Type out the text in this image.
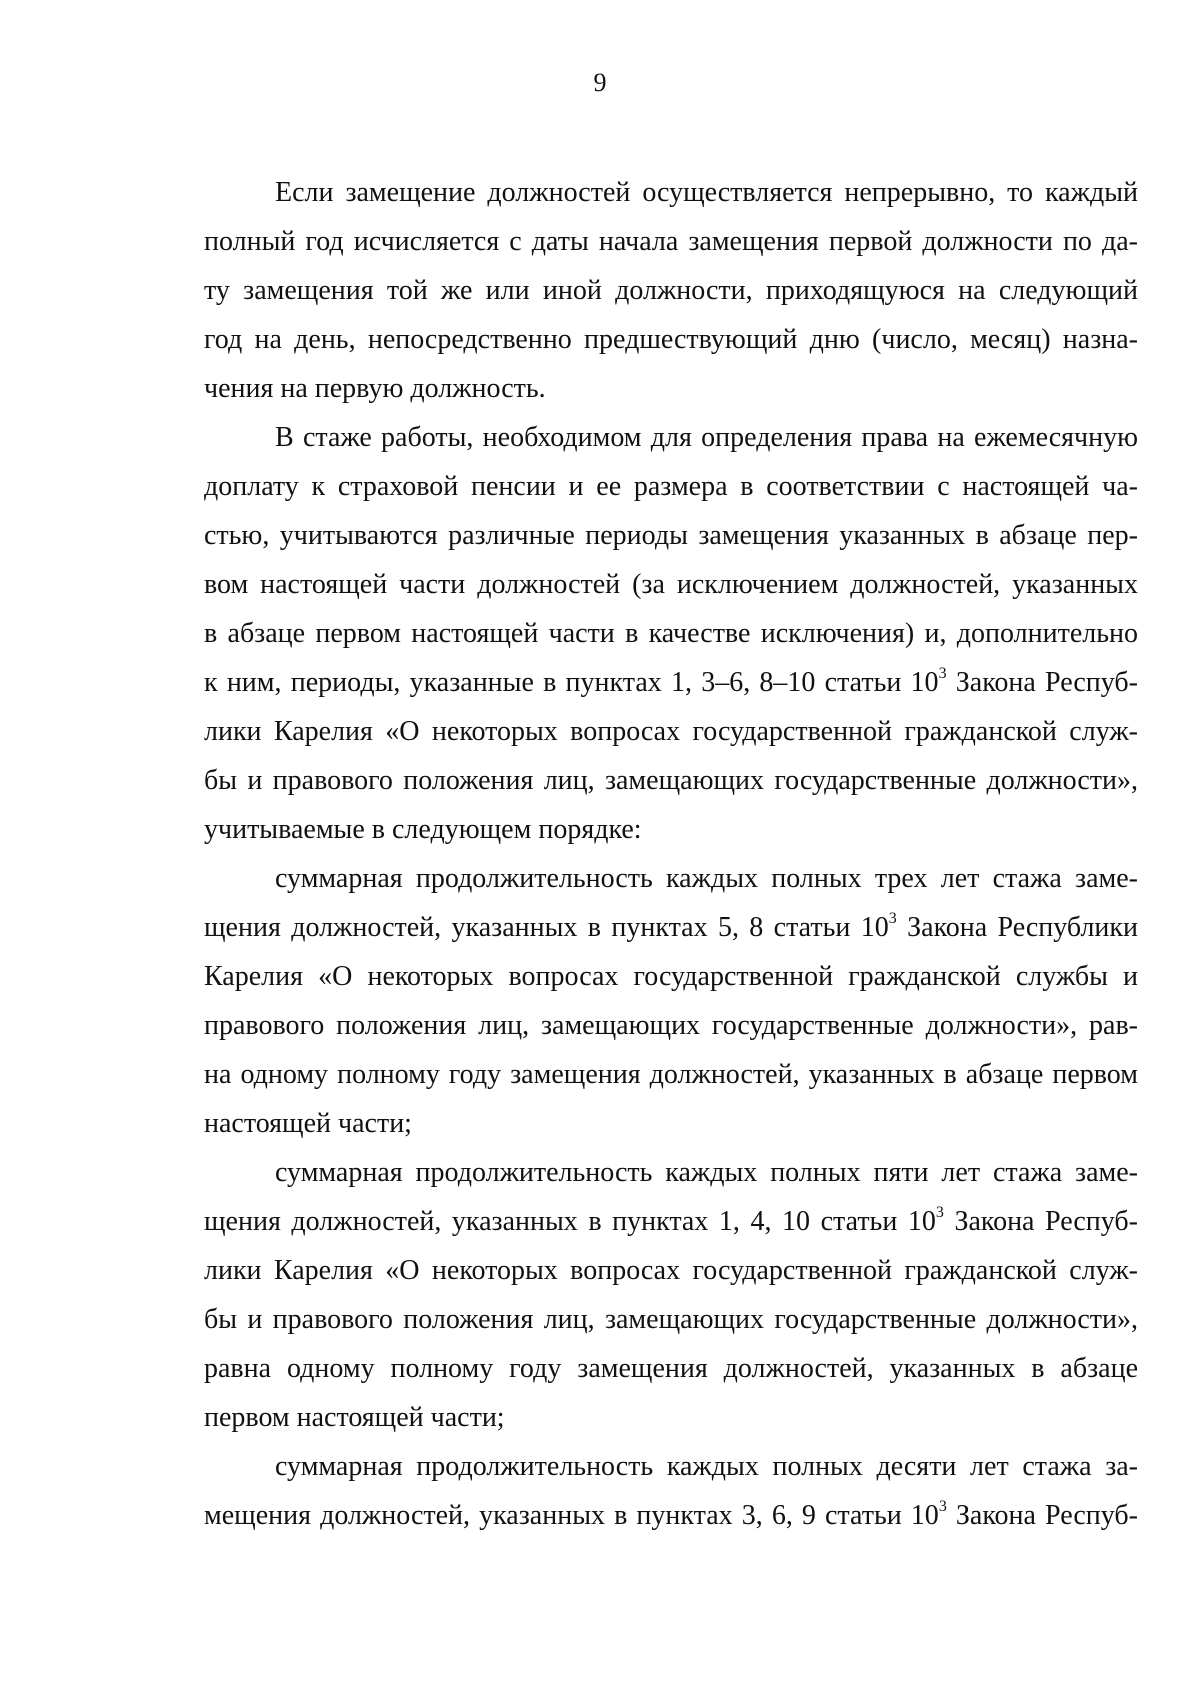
9
Если замещение должностей осуществляется непрерывно, то каждый
полный год исчисляется с даты начала замещения первой должности по да-
ту замещения той же или иной должности, приходящуюся на следующий
год на день, непосредственно предшествующий дню (число, месяц) назна-
чения на первую должность.
В стаже работы, необходимом для определения права на ежемесячную
доплату к страховой пенсии и ее размера в соответствии с настоящей ча-
стью, учитываются различные периоды замещения указанных в абзаце пер-
вом настоящей части должностей (за исключением должностей, указанных
в абзаце первом настоящей части в качестве исключения) и, дополнительно
к ним, периоды, указанные в пунктах 1, 3–6, 8–10 статьи $10^3$ Закона Респуб-
лики Карелия «О некоторых вопросах государственной гражданской служ-
бы и правового положения лиц, замещающих государственные должности»,
учитываемые в следующем порядке:
суммарная продолжительность каждых полных трех лет стажа заме-
щения должностей, указанных в пунктах 5, 8 статьи $10^3$ Закона Республики
Карелия «О некоторых вопросах государственной гражданской службы и
правового положения лиц, замещающих государственные должности», рав-
на одному полному году замещения должностей, указанных в абзаце первом
настоящей части;
суммарная продолжительность каждых полных пяти лет стажа заме-
щения должностей, указанных в пунктах 1, 4, 10 статьи $10^3$ Закона Респуб-
лики Карелия «О некоторых вопросах государственной гражданской служ-
бы и правового положения лиц, замещающих государственные должности»,
равна одному полному году замещения должностей, указанных в абзаце
первом настоящей части;
суммарная продолжительность каждых полных десяти лет стажа за-
мещения должностей, указанных в пунктах 3, 6, 9 статьи $10^3$ Закона Респуб-
